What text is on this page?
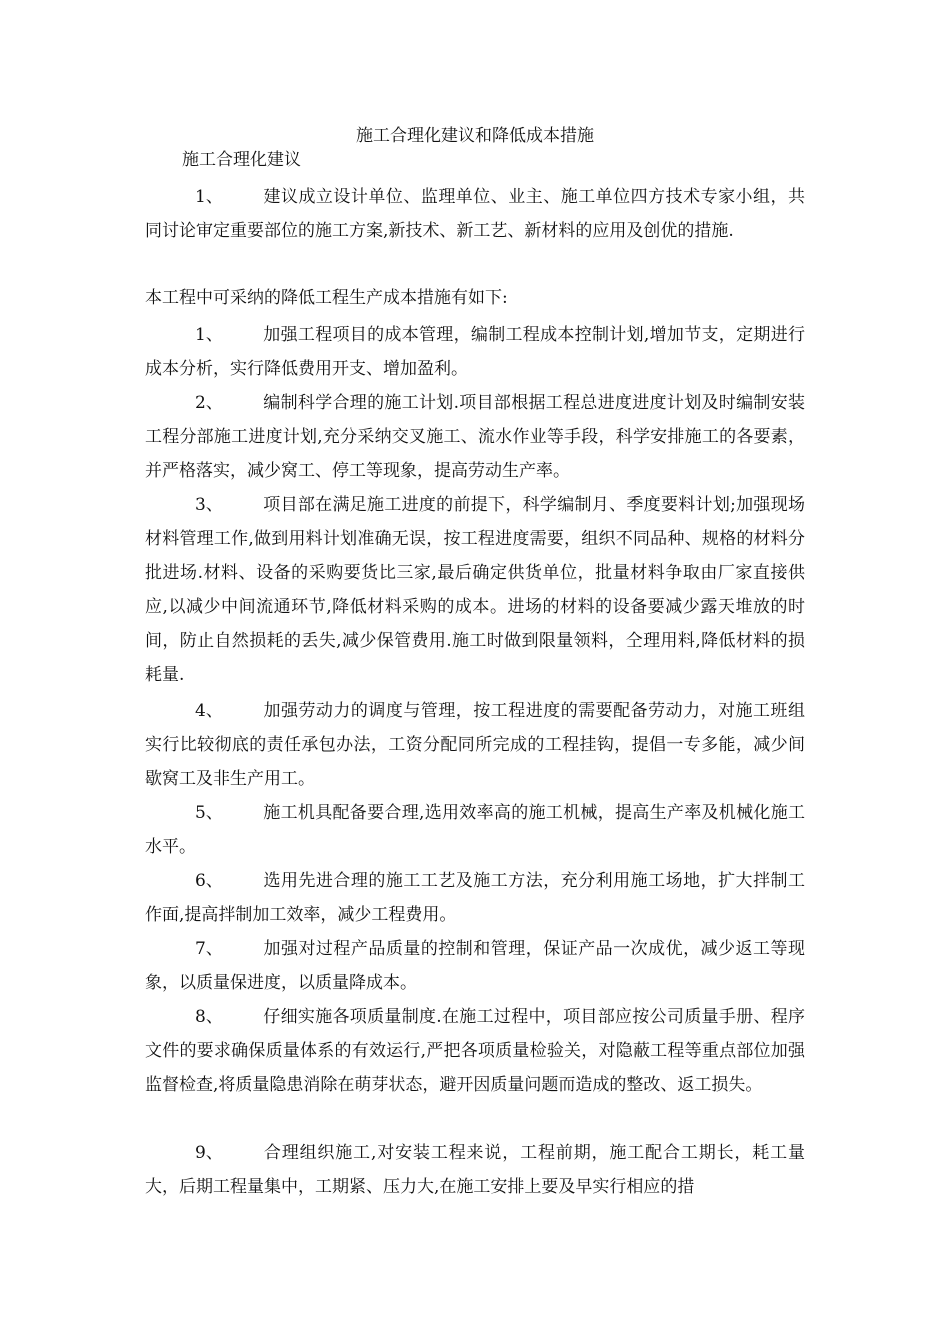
施工合理化建议和降低成本措施
施工合理化建议

1、 建议成立设计单位、监理单位、业主、施工单位四方技术专家小组，共同讨论审定重要部位的施工方案,新技术、新工艺、新材料的应用及创优的措施.

本工程中可采纳的降低工程生产成本措施有如下:

1、 加强工程项目的成本管理，编制工程成本控制计划,增加节支，定期进行成本分析，实行降低费用开支、增加盈利。

2、 编制科学合理的施工计划.项目部根据工程总进度进度计划及时编制安装工程分部施工进度计划,充分采纳交叉施工、流水作业等手段，科学安排施工的各要素，并严格落实，减少窝工、停工等现象，提高劳动生产率。

3、 项目部在满足施工进度的前提下，科学编制月、季度要料计划;加强现场材料管理工作,做到用料计划准确无误，按工程进度需要，组织不同品种、规格的材料分批进场.材料、设备的采购要货比三家,最后确定供货单位，批量材料争取由厂家直接供应,以减少中间流通环节,降低材料采购的成本。进场的材料的设备要减少露天堆放的时间，防止自然损耗的丢失,减少保管费用.施工时做到限量领料，仝理用料,降低材料的损耗量.

4、 加强劳动力的调度与管理，按工程进度的需要配备劳动力，对施工班组实行比较彻底的责任承包办法，工资分配同所完成的工程挂钩，提倡一专多能，减少间歇窝工及非生产用工。

5、 施工机具配备要合理,选用效率高的施工机械，提高生产率及机械化施工水平。

6、 选用先进合理的施工工艺及施工方法，充分利用施工场地，扩大拌制工作面,提高拌制加工效率，减少工程费用。

7、 加强对过程产品质量的控制和管理，保证产品一次成优，减少返工等现象，以质量保进度，以质量降成本。

8、 仔细实施各项质量制度.在施工过程中，项目部应按公司质量手册、程序文件的要求确保质量体系的有效运行,严把各项质量检验关，对隐蔽工程等重点部位加强监督检查,将质量隐患消除在萌芽状态，避开因质量问题而造成的整改、返工损失。

9、 合理组织施工,对安装工程来说，工程前期，施工配合工期长，耗工量大，后期工程量集中，工期紧、压力大,在施工安排上要及早实行相应的措
